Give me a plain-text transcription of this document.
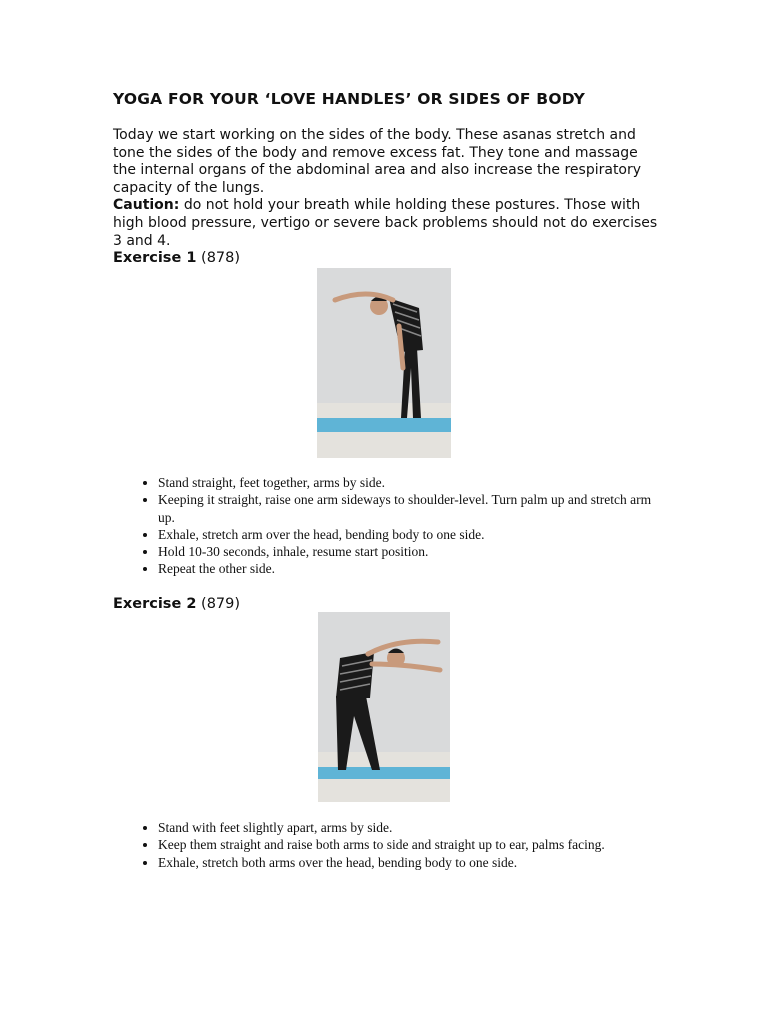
YOGA FOR YOUR ‘LOVE HANDLES’ OR SIDES OF BODY

Today we start working on the sides of the body. These asanas stretch and tone the sides of the body and remove excess fat. They tone and massage the internal organs of the abdominal area and also increase the respiratory capacity of the lungs.

Caution: do not hold your breath while holding these postures. Those with high blood pressure, vertigo or severe back problems should not do exercises 3 and 4.

Exercise 1 (878)
• Stand straight, feet together, arms by side.
• Keeping it straight, raise one arm sideways to shoulder-level. Turn palm up and stretch arm up.
• Exhale, stretch arm over the head, bending body to one side.
• Hold 10-30 seconds, inhale, resume start position.
• Repeat the other side.
Exercise 2 (879)
• Stand with feet slightly apart, arms by side.
• Keep them straight and raise both arms to side and straight up to ear, palms facing.
• Exhale, stretch both arms over the head, bending body to one side.
